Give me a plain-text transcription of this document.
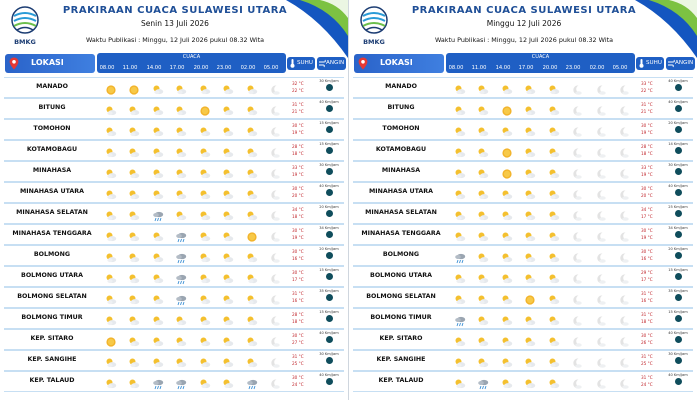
BMKG
PRAKIRAAN CUACA SULAWESI UTARA
Senin 13 Juli 2026
Waktu Publikasi : Minggu, 12 Juli 2026 pukul 08.32 Wita
LOKASI
CUACA
08.00	11.00	14.00	17.00	20.00	23.00	02.00	05.00
SUHU ANGIN
MANADO	32 °C
22 °C
30 Km/Jam
BITUNG	31 °C
21 °C
40 Km/Jam
TOMOHON	30 °C
19 °C
15 Km/Jam
KOTAMOBAGU	28 °C
18 °C
15 Km/Jam
MINAHASA	33 °C
19 °C
30 Km/Jam
MINAHASA UTARA	30 °C
20 °C
40 Km/Jam
MINAHASA SELATAN	34 °C
18 °C
20 Km/Jam
MINAHASA TENGGARA	30 °C
19 °C
34 Km/Jam
BOLMONG	30 °C
16 °C
20 Km/Jam
BOLMONG UTARA	30 °C
17 °C
15 Km/Jam
BOLMONG SELATAN	31 °C
16 °C
35 Km/Jam
BOLMONG TIMUR	28 °C
18 °C
15 Km/Jam
KEP. SITARO	30 °C
27 °C
40 Km/Jam
KEP. SANGIHE	31 °C
25 °C
30 Km/Jam
KEP. TALAUD	30 °C
24 °C
40 Km/Jam
BMKG
PRAKIRAAN CUACA SULAWESI UTARA
Minggu 12 Juli 2026
Waktu Publikasi : Minggu, 12 Juli 2026 pukul 08.32 Wita
LOKASI
CUACA
08.00	11.00	14.00	17.00	20.00	23.00	02.00	05.00
SUHU ANGIN
MANADO	33 °C
22 °C
40 Km/Jam
BITUNG	31 °C
21 °C
40 Km/Jam
TOMOHON	30 °C
19 °C
20 Km/Jam
KOTAMOBAGU	28 °C
18 °C
14 Km/Jam
MINAHASA	33 °C
19 °C
30 Km/Jam
MINAHASA UTARA	30 °C
20 °C
40 Km/Jam
MINAHASA SELATAN	34 °C
17 °C
25 Km/Jam
MINAHASA TENGGARA	30 °C
19 °C
34 Km/Jam
BOLMONG	30 °C
16 °C
20 Km/Jam
BOLMONG UTARA	29 °C
17 °C
15 Km/Jam
BOLMONG SELATAN	31 °C
16 °C
35 Km/Jam
BOLMONG TIMUR	31 °C
18 °C
15 Km/Jam
KEP. SITARO	30 °C
26 °C
40 Km/Jam
KEP. SANGIHE	31 °C
25 °C
30 Km/Jam
KEP. TALAUD	31 °C
24 °C
40 Km/Jam
